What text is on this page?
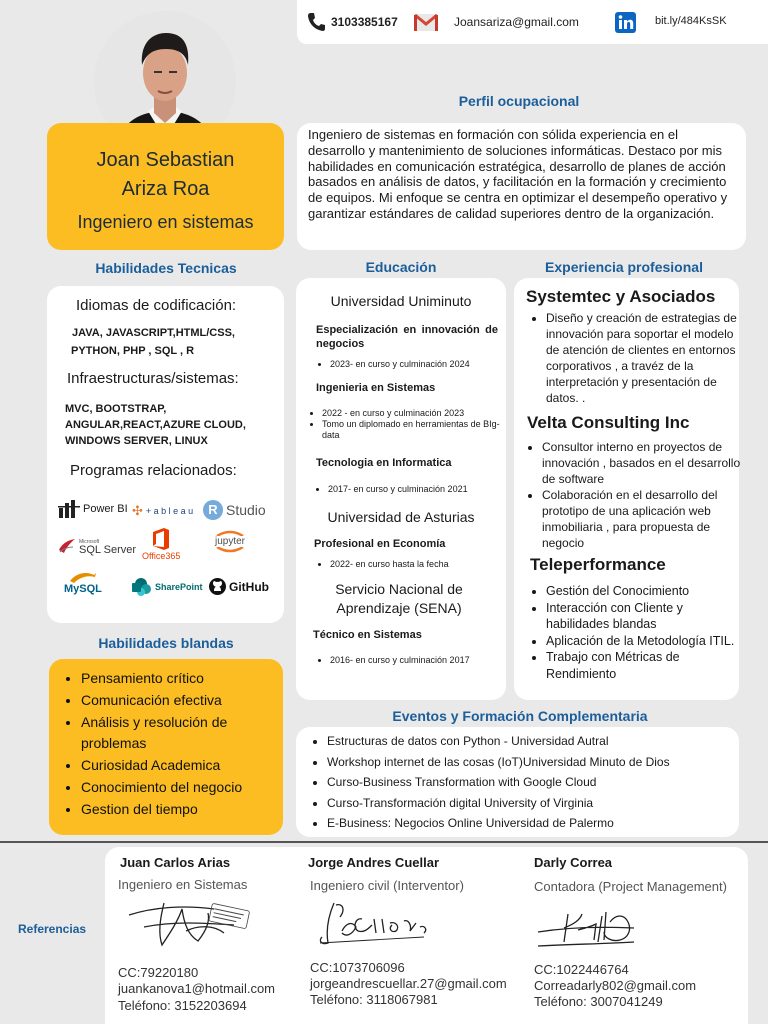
3103385167	Joansariza@gmail.com	bit.ly/484KsSK
Joan Sebastian
Ariza Roa
Ingeniero en sistemas
Perfil ocupacional
Ingeniero de sistemas en formación con sólida experiencia en el desarrollo y mantenimiento de soluciones informáticas. Destaco por mis habilidades en comunicación estratégica, desarrollo de planes de acción basados en análisis de datos, y facilitación en la formación y crecimiento de equipos. Mi enfoque se centra en optimizar el desempeño operativo y garantizar estándares de calidad superiores dentro de la organización.
Habilidades Tecnicas
Idiomas de codificación:
JAVA, JAVASCRIPT,HTML/CSS,
PYTHON, PHP , SQL , R
Infraestructuras/sistemas:
MVC, BOOTSTRAP,
ANGULAR,REACT,AZURE CLOUD,
WINDOWS SERVER, LINUX
Programas relacionados:
Power BI ✣ + a b l e a u	R Studio
Microsoft
SQL Server Office365
jupyter
MySQL	SharePoint GitHub
Habilidades blandas
• Pensamiento crítico
• Comunicación efectiva
• Análisis y resolución de problemas
• Curiosidad Academica
• Conocimiento del negocio
• Gestion del tiempo
Educación
Universidad Uniminuto
Especialización en innovación de negocios
• 2023- en curso y culminación 2024
Ingenieria en Sistemas
• 2022 - en curso y culminación 2023
• Tomo un diplomado en herramientas de BIg-data
Tecnologia en Informatica
• 2017- en curso y culminación 2021
Universidad de Asturias
Profesional en Economía
• 2022- en curso hasta la fecha
Servicio Nacional de Aprendizaje (SENA)
Técnico en Sistemas
• 2016- en curso y culminación 2017
Experiencia profesional
Systemtec y Asociados
• Diseño y creación de estrategias de innovación para soportar el modelo de atención de clientes en entornos corporativos , a travéz de la interpretación y presentación de datos. .
Velta Consulting Inc
• Consultor interno en proyectos de innovación , basados en el desarrollo de software
• Colaboración en el desarrollo del prototipo de una aplicación web inmobiliaria , para propuesta de negocio
Teleperformance
• Gestión del Conocimiento
• Interacción con Cliente y habilidades blandas
• Aplicación de la Metodología ITIL.
• Trabajo con Métricas de Rendimiento
Eventos y Formación Complementaria
• Estructuras de datos con Python - Universidad Autral
• Workshop internet de las cosas (IoT)Universidad Minuto de Dios
• Curso-Business Transformation with Google Cloud
• Curso-Transformación digital University of Virginia
• E-Business: Negocios Online Universidad de Palermo
Referencias
Juan Carlos Arias
Ingeniero en Sistemas
CC:79220180
juankanova1@hotmail.com
Teléfono: 3152203694
Jorge Andres Cuellar
Ingeniero civil (Interventor)
CC:1073706096
jorgeandrescuellar.27@gmail.com
Teléfono: 3118067981
Darly Correa
Contadora (Project Management)
CC:1022446764
Correadarly802@gmail.com
Teléfono: 3007041249
